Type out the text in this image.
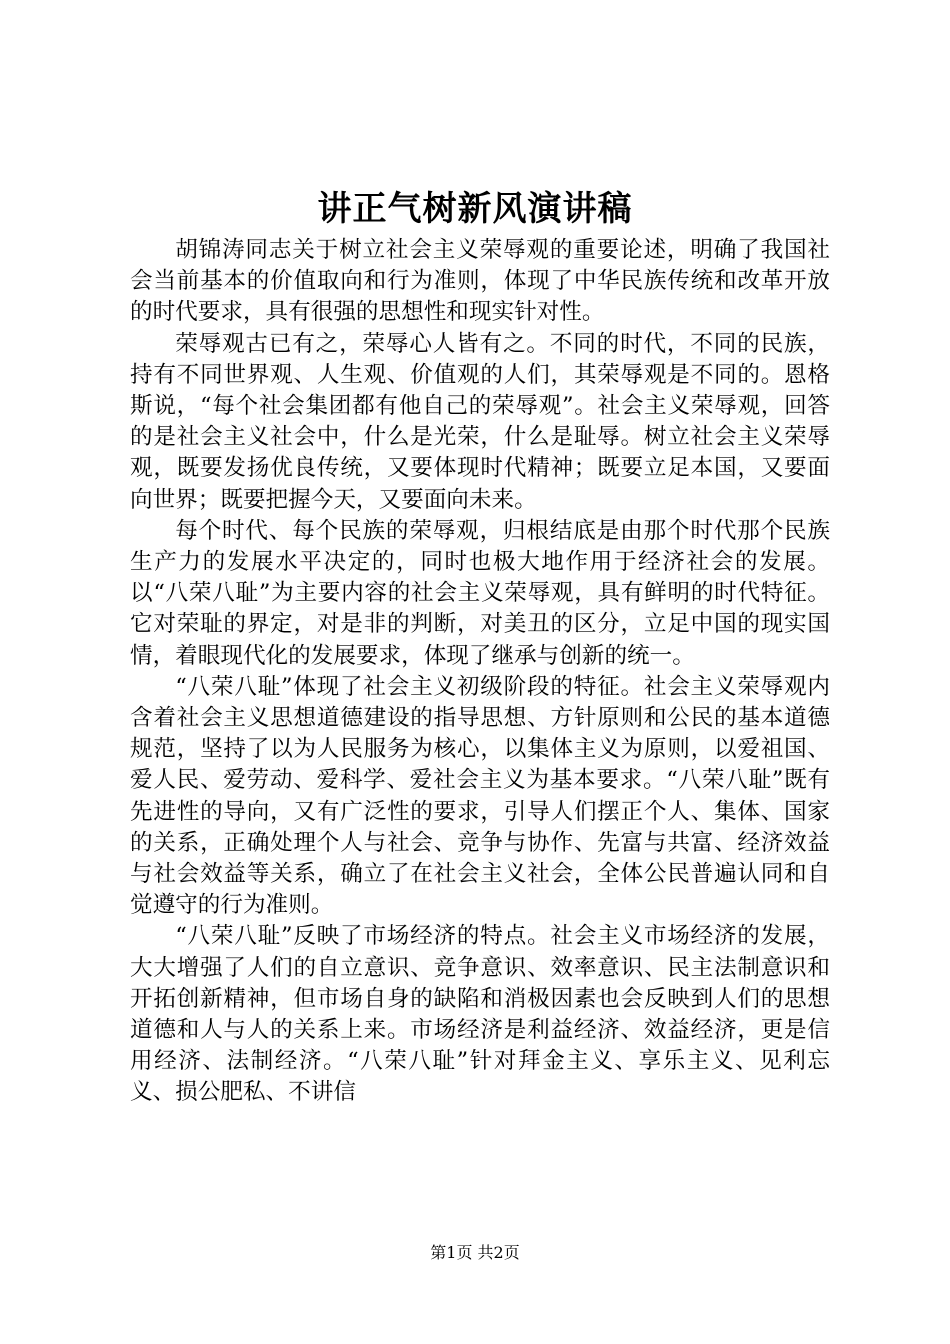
讲正气树新风演讲稿

胡锦涛同志关于树立社会主义荣辱观的重要论述，明确了我国社会当前基本的价值取向和行为准则，体现了中华民族传统和改革开放的时代要求，具有很强的思想性和现实针对性。

荣辱观古已有之，荣辱心人皆有之。不同的时代，不同的民族，持有不同世界观、人生观、价值观的人们，其荣辱观是不同的。恩格斯说，“每个社会集团都有他自己的荣辱观”。社会主义荣辱观，回答的是社会主义社会中，什么是光荣，什么是耻辱。树立社会主义荣辱观，既要发扬优良传统，又要体现时代精神；既要立足本国，又要面向世界；既要把握今天，又要面向未来。

每个时代、每个民族的荣辱观，归根结底是由那个时代那个民族生产力的发展水平决定的，同时也极大地作用于经济社会的发展。以“八荣八耻”为主要内容的社会主义荣辱观，具有鲜明的时代特征。它对荣耻的界定，对是非的判断，对美丑的区分，立足中国的现实国情，着眼现代化的发展要求，体现了继承与创新的统一。

“八荣八耻”体现了社会主义初级阶段的特征。社会主义荣辱观内含着社会主义思想道德建设的指导思想、方针原则和公民的基本道德规范，坚持了以为人民服务为核心，以集体主义为原则，以爱祖国、爱人民、爱劳动、爱科学、爱社会主义为基本要求。“八荣八耻”既有先进性的导向，又有广泛性的要求，引导人们摆正个人、集体、国家的关系，正确处理个人与社会、竞争与协作、先富与共富、经济效益与社会效益等关系，确立了在社会主义社会，全体公民普遍认同和自觉遵守的行为准则。

“八荣八耻”反映了市场经济的特点。社会主义市场经济的发展，大大增强了人们的自立意识、竞争意识、效率意识、民主法制意识和开拓创新精神，但市场自身的缺陷和消极因素也会反映到人们的思想道德和人与人的关系上来。市场经济是利益经济、效益经济，更是信用经济、法制经济。“八荣八耻”针对拜金主义、享乐主义、见利忘义、损公肥私、不讲信

第1页 共2页
